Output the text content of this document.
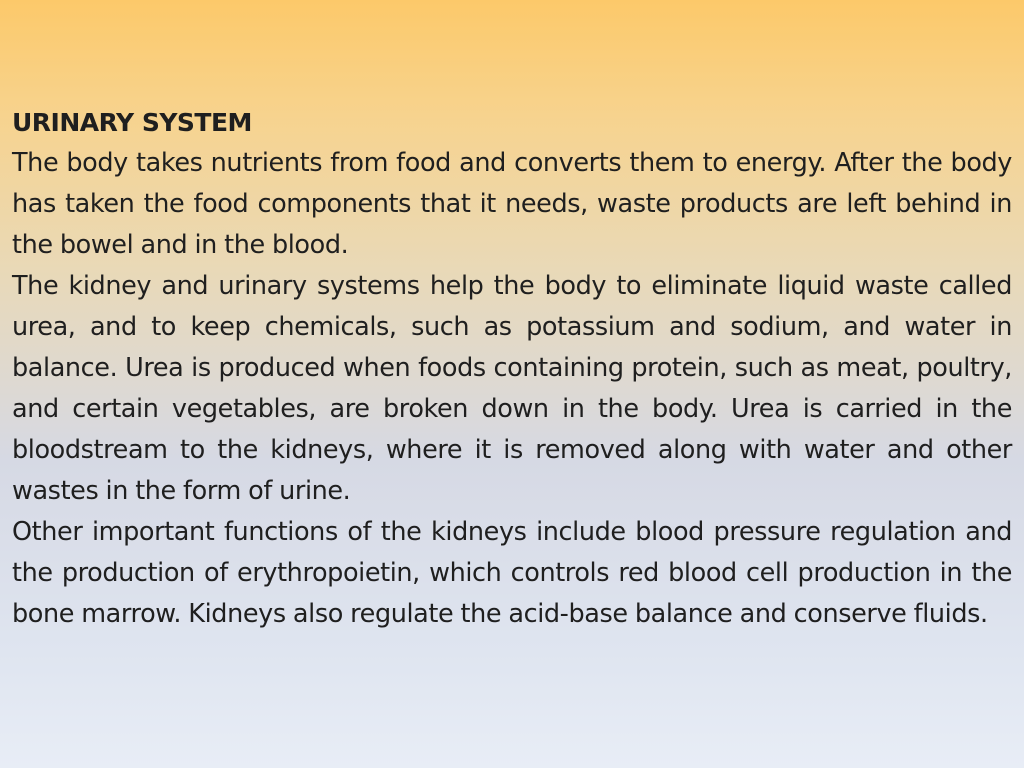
URINARY SYSTEM

The body takes nutrients from food and converts them to energy. After the body has taken the food components that it needs, waste products are left behind in the bowel and in the blood.

The kidney and urinary systems help the body to eliminate liquid waste called urea, and to keep chemicals, such as potassium and sodium, and water in balance. Urea is produced when foods containing protein, such as meat, poultry, and certain vegetables, are broken down in the body. Urea is carried in the bloodstream to the kidneys, where it is removed along with water and other wastes in the form of urine.

Other important functions of the kidneys include blood pressure regulation and the production of erythropoietin, which controls red blood cell production in the bone marrow. Kidneys also regulate the acid-base balance and conserve fluids.
